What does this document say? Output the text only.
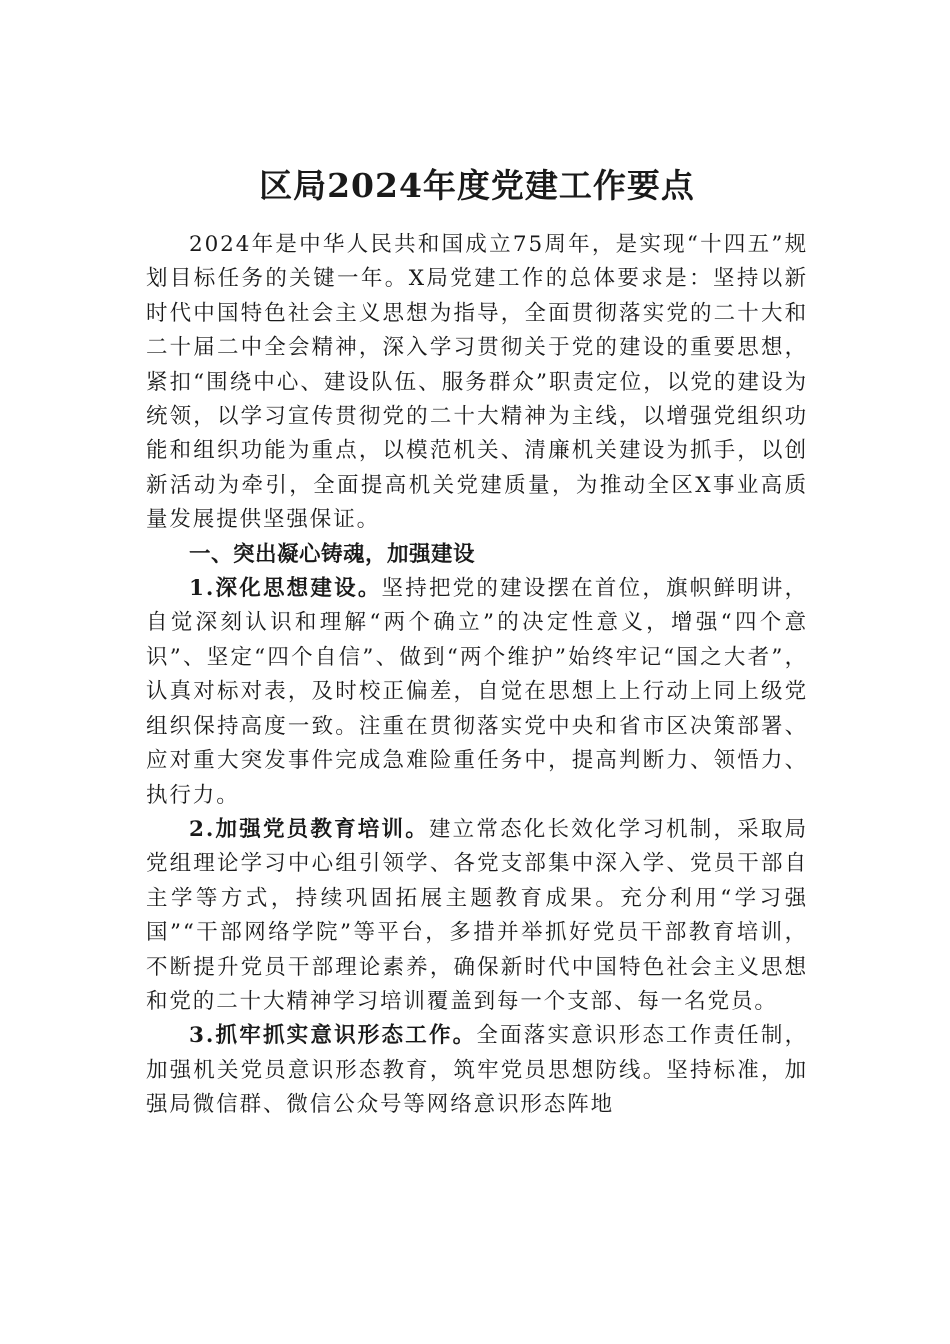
区局2024年度党建工作要点

2024年是中华人民共和国成立75周年，是实现“十四五”规划目标任务的关键一年。X局党建工作的总体要求是：坚持以新时代中国特色社会主义思想为指导，全面贯彻落实党的二十大和二十届二中全会精神，深入学习贯彻关于党的建设的重要思想，紧扣“围绕中心、建设队伍、服务群众”职责定位，以党的建设为统领，以学习宣传贯彻党的二十大精神为主线，以增强党组织功能和组织功能为重点，以模范机关、清廉机关建设为抓手，以创新活动为牵引，全面提高机关党建质量，为推动全区X事业高质量发展提供坚强保证。

一、突出凝心铸魂，加强建设

1.深化思想建设。坚持把党的建设摆在首位，旗帜鲜明讲，自觉深刻认识和理解“两个确立”的决定性意义，增强“四个意识”、坚定“四个自信”、做到“两个维护”始终牢记“国之大者”，认真对标对表，及时校正偏差，自觉在思想上上行动上同上级党组织保持高度一致。注重在贯彻落实党中央和省市区决策部署、应对重大突发事件完成急难险重任务中，提高判断力、领悟力、执行力。

2.加强党员教育培训。建立常态化长效化学习机制，采取局党组理论学习中心组引领学、各党支部集中深入学、党员干部自主学等方式，持续巩固拓展主题教育成果。充分利用“学习强国”“干部网络学院”等平台，多措并举抓好党员干部教育培训，不断提升党员干部理论素养，确保新时代中国特色社会主义思想和党的二十大精神学习培训覆盖到每一个支部、每一名党员。

3.抓牢抓实意识形态工作。全面落实意识形态工作责任制，加强机关党员意识形态教育，筑牢党员思想防线。坚持标准，加强局微信群、微信公众号等网络意识形态阵地
